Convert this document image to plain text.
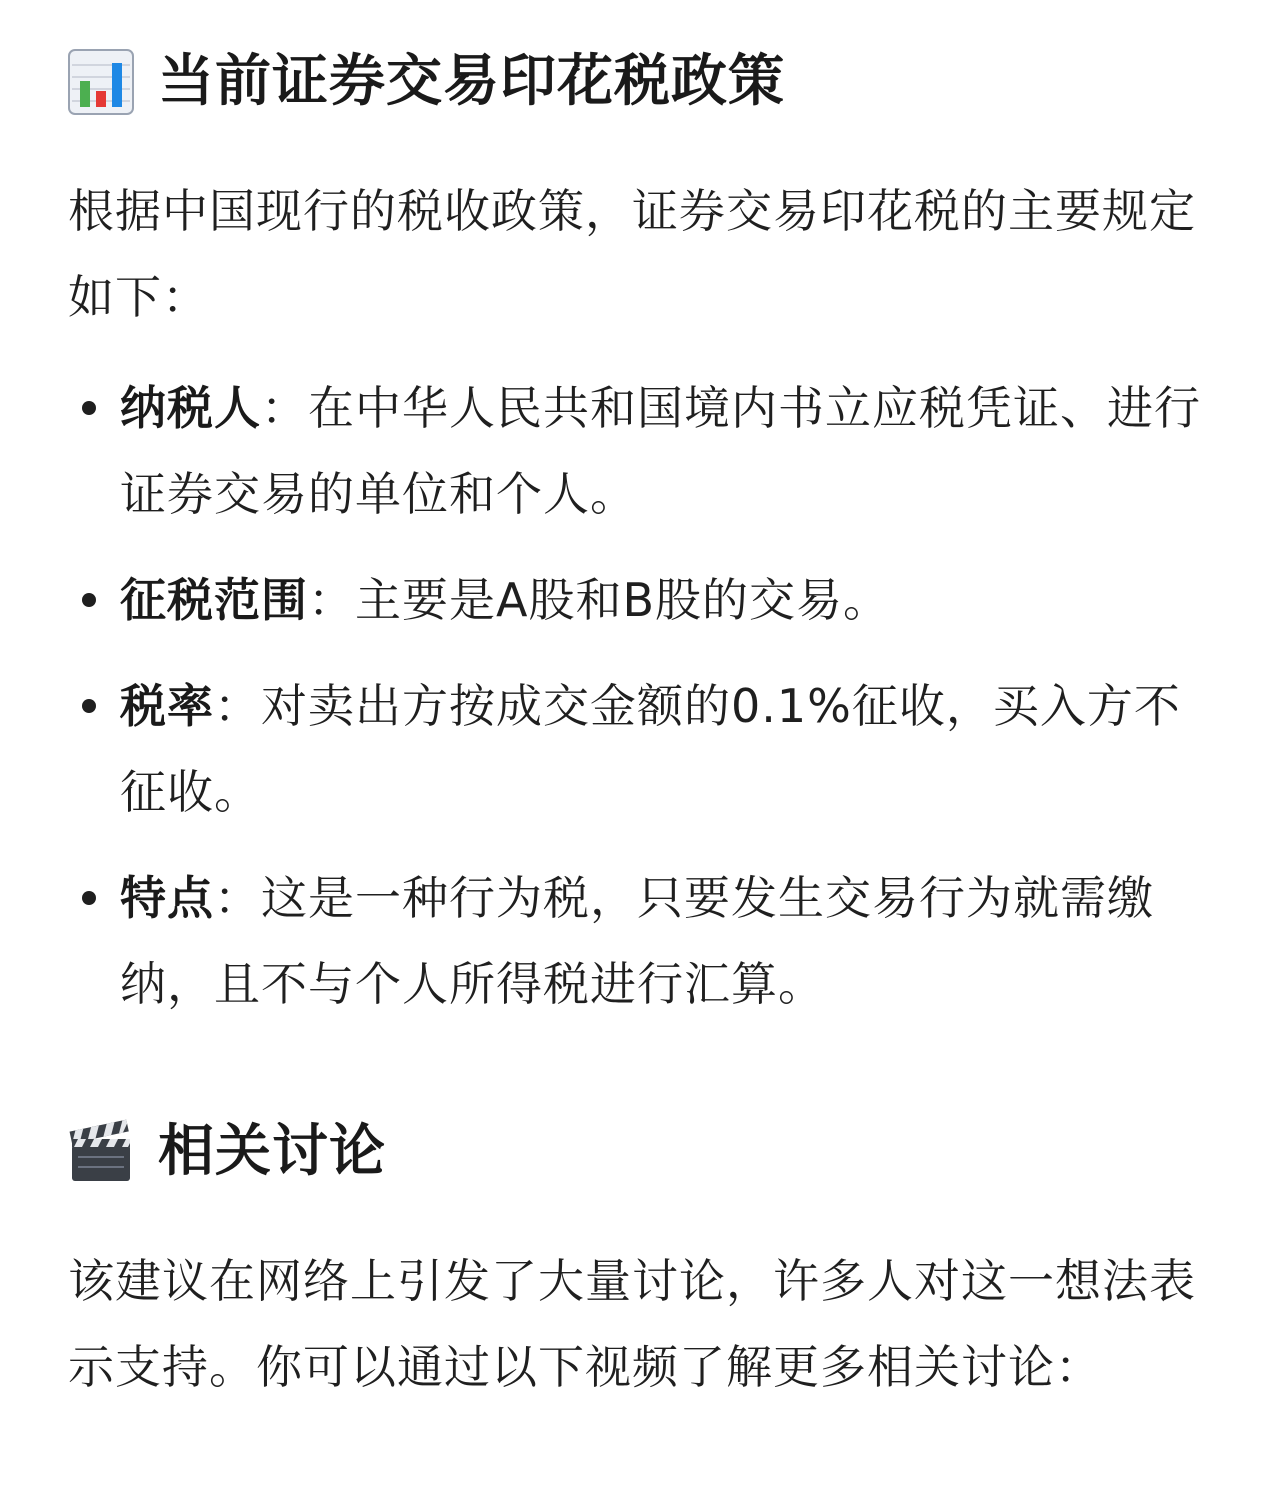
当前证券交易印花税政策

根据中国现行的税收政策，证券交易印花税的主要规定如下：

纳税人：在中华人民共和国境内书立应税凭证、进行证券交易的单位和个人。
征税范围：主要是A股和B股的交易。
税率：对卖出方按成交金额的0.1%征收，买入方不征收。
特点：这是一种行为税，只要发生交易行为就需缴纳，且不与个人所得税进行汇算。
相关讨论

该建议在网络上引发了大量讨论，许多人对这一想法表示支持。你可以通过以下视频了解更多相关讨论：
